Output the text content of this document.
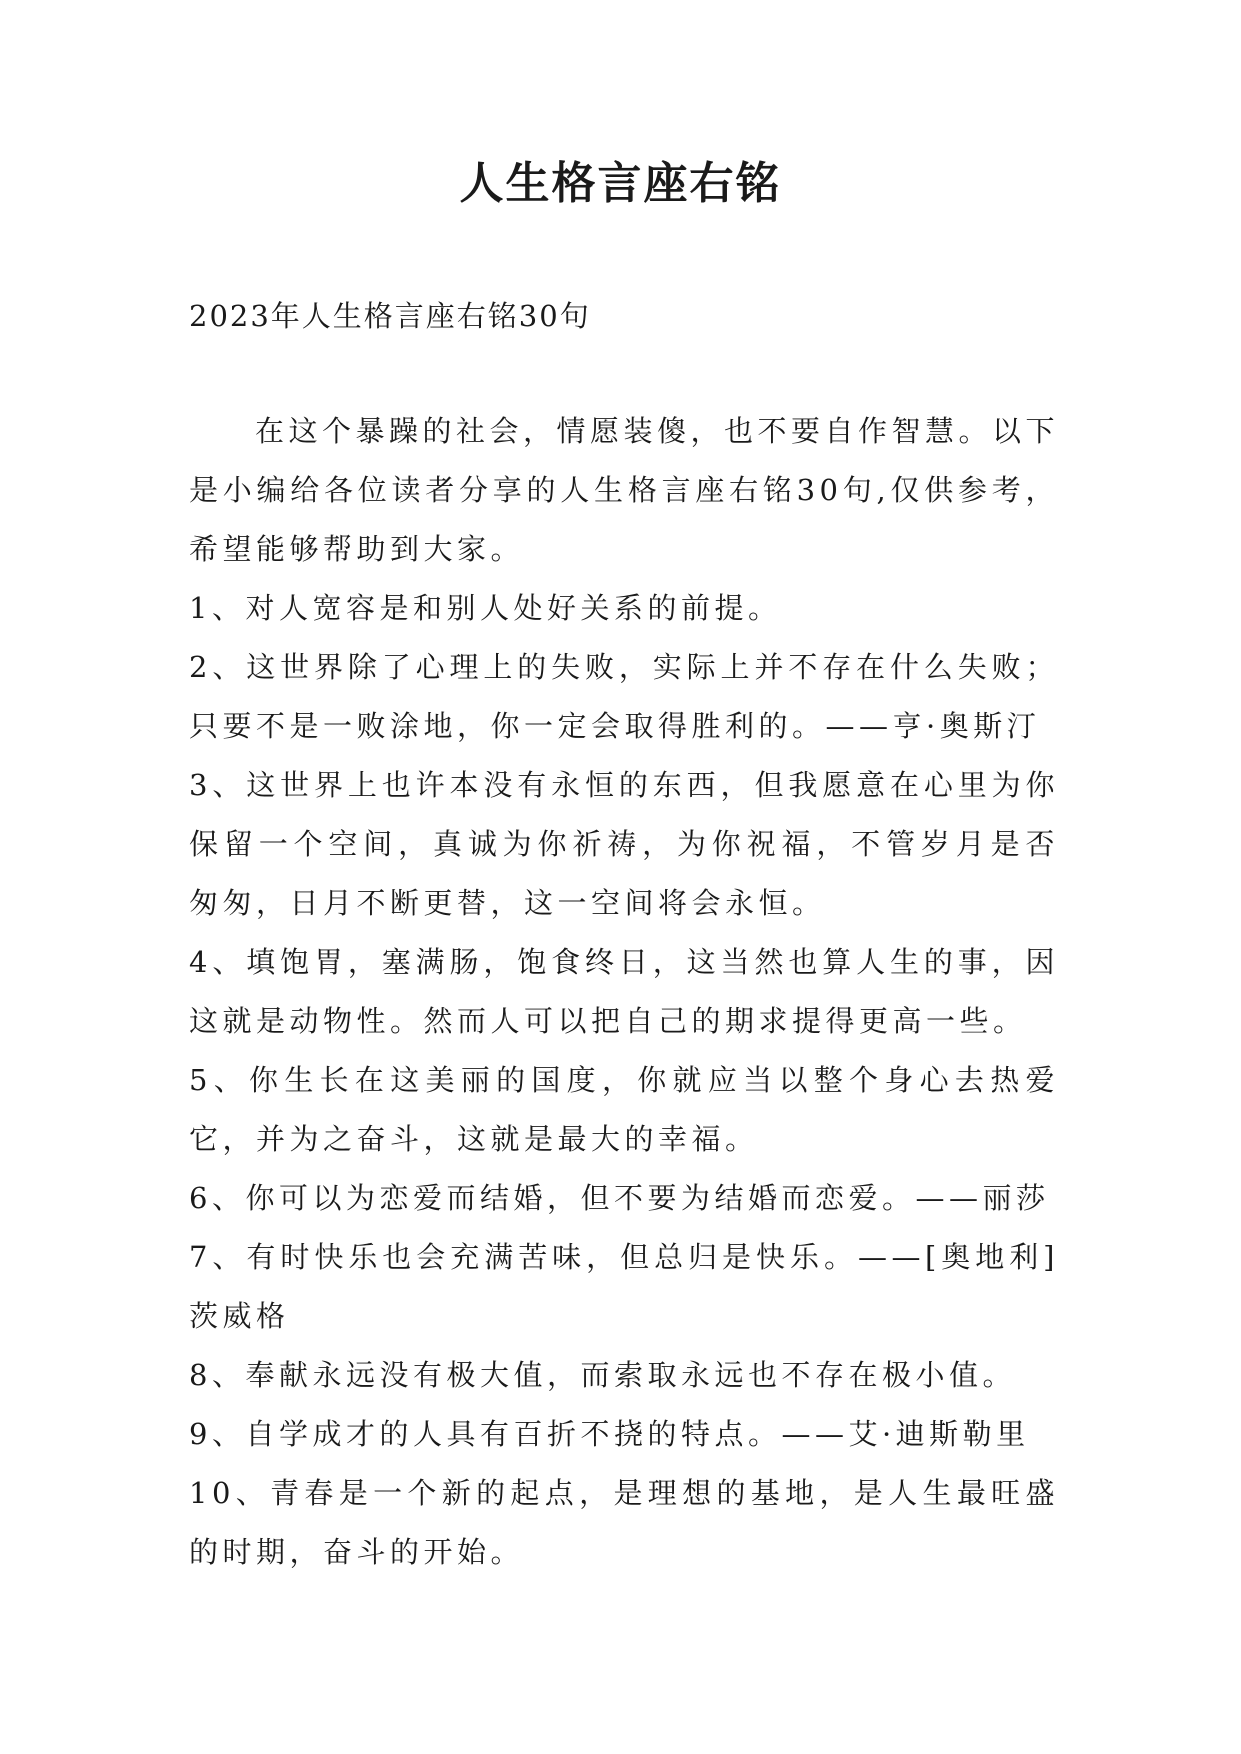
人生格言座右铭
2023年人生格言座右铭30句

在这个暴躁的社会，情愿装傻，也不要自作智慧。以下是小编给各位读者分享的人生格言座右铭30句,仅供参考，希望能够帮助到大家。

1、对人宽容是和别人处好关系的前提。

2、这世界除了心理上的失败，实际上并不存在什么失败；只要不是一败涂地，你一定会取得胜利的。——亨·奥斯汀

3、这世界上也许本没有永恒的东西，但我愿意在心里为你保留一个空间，真诚为你祈祷，为你祝福，不管岁月是否匆匆，日月不断更替，这一空间将会永恒。

4、填饱胃，塞满肠，饱食终日，这当然也算人生的事，因这就是动物性。然而人可以把自己的期求提得更高一些。

5、你生长在这美丽的国度，你就应当以整个身心去热爱它，并为之奋斗，这就是最大的幸福。

6、你可以为恋爱而结婚，但不要为结婚而恋爱。——丽莎

7、有时快乐也会充满苦味，但总归是快乐。——[奥地利]茨威格

8、奉献永远没有极大值，而索取永远也不存在极小值。

9、自学成才的人具有百折不挠的特点。——艾·迪斯勒里

10、青春是一个新的起点，是理想的基地，是人生最旺盛的时期，奋斗的开始。
